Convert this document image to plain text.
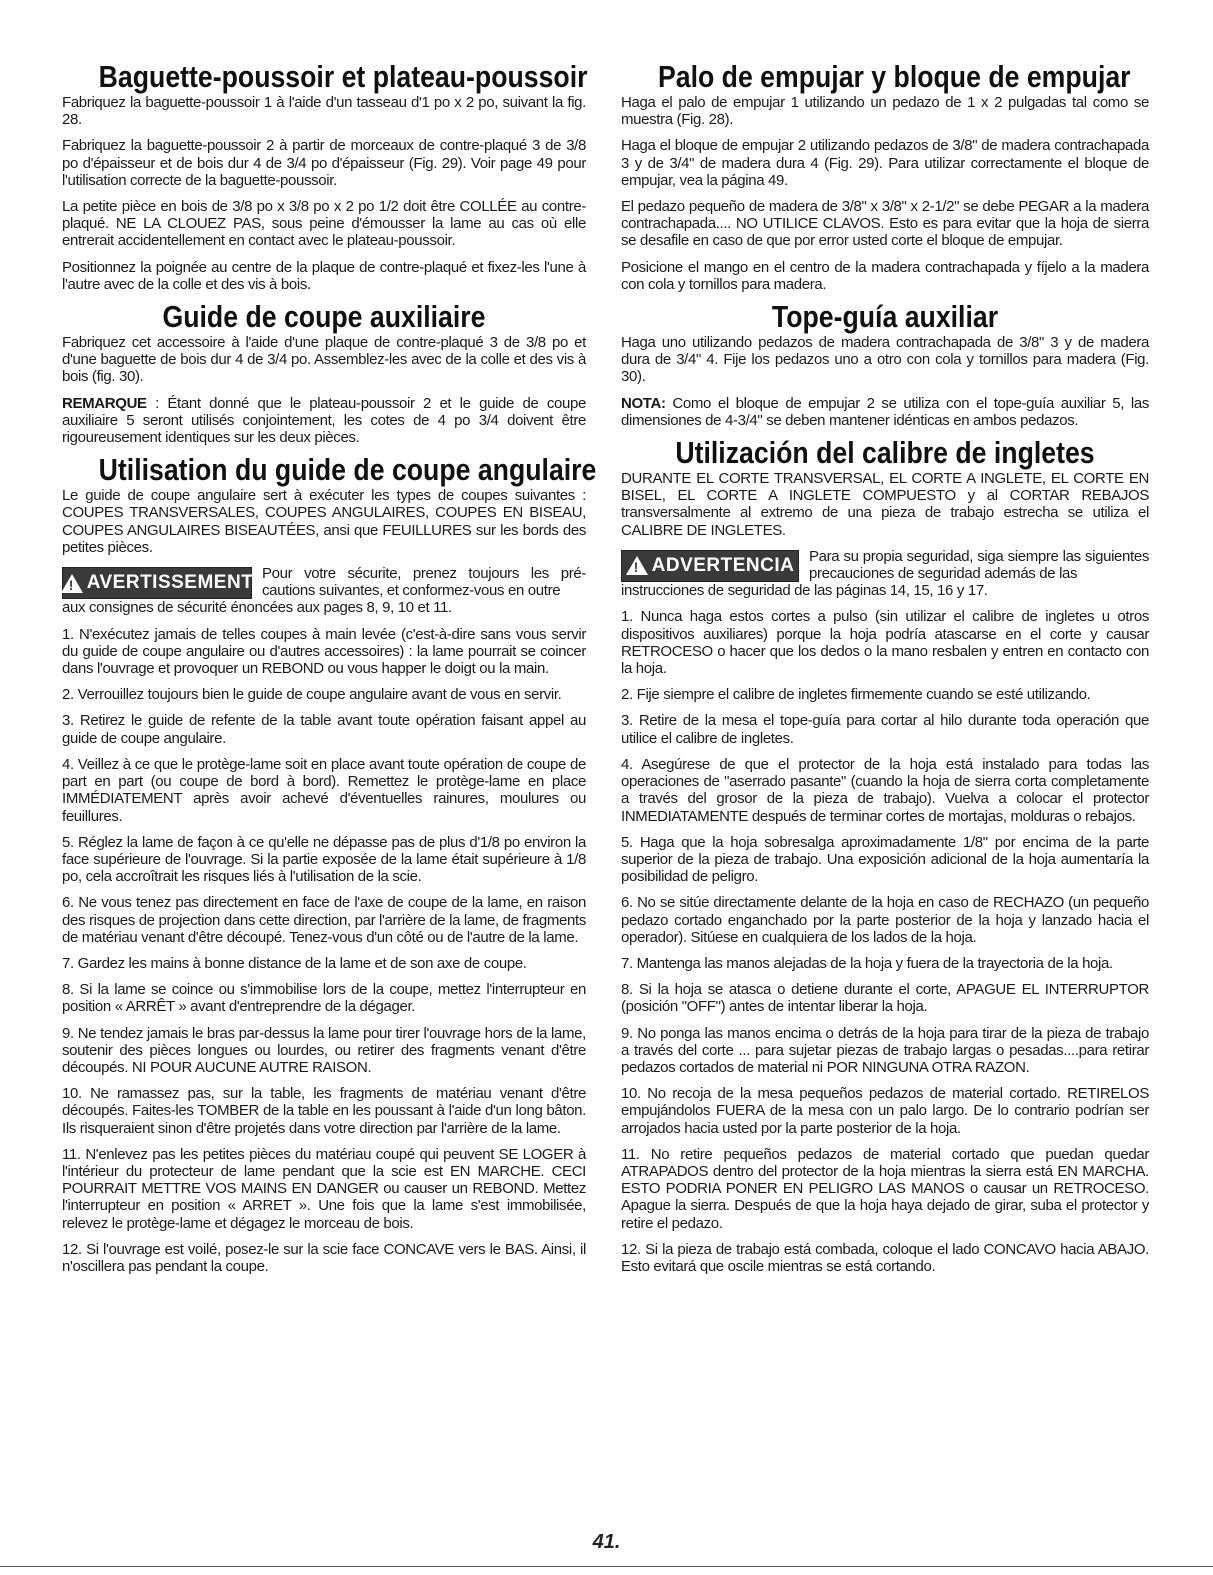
Baguette-poussoir et plateau-poussoir

Fabriquez la baguette-poussoir 1 à l'aide d'un tasseau d'1 po x 2 po, suivant la fig. 28.

Fabriquez la baguette-poussoir 2 à partir de morceaux de contre-plaqué 3 de 3/8 po d'épaisseur et de bois dur 4 de 3/4 po d'épaisseur (Fig. 29). Voir page 49 pour l'utilisation correcte de la baguette-poussoir.

La petite pièce en bois de 3/8 po x 3/8 po x 2 po 1/2 doit être COLLÉE au contre-plaqué. NE LA CLOUEZ PAS, sous peine d'émousser la lame au cas où elle entrerait accidentellement en contact avec le plateau-poussoir.

Positionnez la poignée au centre de la plaque de contre-plaqué et fixez-les l'une à l'autre avec de la colle et des vis à bois.

Guide de coupe auxiliaire

Fabriquez cet accessoire à l'aide d'une plaque de contre-plaqué 3 de 3/8 po et d'une baguette de bois dur 4 de 3/4 po. Assemblez-les avec de la colle et des vis à bois (fig. 30).

REMARQUE : Étant donné que le plateau-poussoir 2 et le guide de coupe auxiliaire 5 seront utilisés conjointement, les cotes de 4 po 3/4 doivent être rigoureusement identiques sur les deux pièces.

Utilisation du guide de coupe angulaire

Le guide de coupe angulaire sert à exécuter les types de coupes suivantes : COUPES TRANSVERSALES, COUPES ANGULAIRES, COUPES EN BISEAU, COUPES ANGULAIRES BISEAUTÉES, ansi que FEUILLURES sur les bords des petites pièces.

!
AVERTISSEMENT Pour votre sécurite, prenez toujours les pré-cautions suivantes, et conformez-vous en outre

aux consignes de sécurité énoncées aux pages 8, 9, 10 et 11.

1. N'exécutez jamais de telles coupes à main levée (c'est-à-dire sans vous servir du guide de coupe angulaire ou d'autres accessoires) : la lame pourrait se coincer dans l'ouvrage et provoquer un REBOND ou vous happer le doigt ou la main.

2. Verrouillez toujours bien le guide de coupe angulaire avant de vous en servir.

3. Retirez le guide de refente de la table avant toute opération faisant appel au guide de coupe angulaire.

4. Veillez à ce que le protège-lame soit en place avant toute opération de coupe de part en part (ou coupe de bord à bord). Remettez le protège-lame en place IMMÉDIATEMENT après avoir achevé d'éventuelles rainures, moulures ou feuillures.

5. Réglez la lame de façon à ce qu'elle ne dépasse pas de plus d'1/8 po environ la face supérieure de l'ouvrage. Si la partie exposée de la lame était supérieure à 1/8 po, cela accroîtrait les risques liés à l'utilisation de la scie.

6. Ne vous tenez pas directement en face de l'axe de coupe de la lame, en raison des risques de projection dans cette direction, par l'arrière de la lame, de fragments de matériau venant d'être découpé. Tenez-vous d'un côté ou de l'autre de la lame.

7. Gardez les mains à bonne distance de la lame et de son axe de coupe.

8. Si la lame se coince ou s'immobilise lors de la coupe, mettez l'interrupteur en position « ARRÊT » avant d'entreprendre de la dégager.

9. Ne tendez jamais le bras par-dessus la lame pour tirer l'ouvrage hors de la lame, soutenir des pièces longues ou lourdes, ou retirer des fragments venant d'être découpés. NI POUR AUCUNE AUTRE RAISON.

10. Ne ramassez pas, sur la table, les fragments de matériau venant d'être découpés. Faites-les TOMBER de la table en les poussant à l'aide d'un long bâton. Ils risqueraient sinon d'être projetés dans votre direction par l'arrière de la lame.

11. N'enlevez pas les petites pièces du matériau coupé qui peuvent SE LOGER à l'intérieur du protecteur de lame pendant que la scie est EN MARCHE. CECI POURRAIT METTRE VOS MAINS EN DANGER ou causer un REBOND. Mettez l'interrupteur en position « ARRET ». Une fois que la lame s'est immobilisée, relevez le protège-lame et dégagez le morceau de bois.

12. Si l'ouvrage est voilé, posez-le sur la scie face CONCAVE vers le BAS. Ainsi, il n'oscillera pas pendant la coupe.

Palo de empujar y bloque de empujar

Haga el palo de empujar 1 utilizando un pedazo de 1 x 2 pulgadas tal como se muestra (Fig. 28).

Haga el bloque de empujar 2 utilizando pedazos de 3/8" de madera contrachapada 3 y de 3/4" de madera dura 4 (Fig. 29). Para utilizar correctamente el bloque de empujar, vea la página 49.

El pedazo pequeño de madera de 3/8" x 3/8" x 2-1/2" se debe PEGAR a la madera contrachapada.... NO UTILICE CLAVOS. Esto es para evitar que la hoja de sierra se desafile en caso de que por error usted corte el bloque de empujar.

Posicione el mango en el centro de la madera contrachapada y fíjelo a la madera con cola y tornillos para madera.

Tope-guía auxiliar

Haga uno utilizando pedazos de madera contrachapada de 3/8" 3 y de madera dura de 3/4" 4. Fije los pedazos uno a otro con cola y tornillos para madera (Fig. 30).

NOTA: Como el bloque de empujar 2 se utiliza con el tope-guía auxiliar 5, las dimensiones de 4-3/4" se deben mantener idénticas en ambos pedazos.

Utilización del calibre de ingletes

DURANTE EL CORTE TRANSVERSAL, EL CORTE A INGLETE, EL CORTE EN BISEL, EL CORTE A INGLETE COMPUESTO y al CORTAR REBAJOS transversalmente al extremo de una pieza de trabajo estrecha se utiliza el CALIBRE DE INGLETES.

!
ADVERTENCIA Para su propia seguridad, siga siempre las siguientes precauciones de seguridad además de las

instrucciones de seguridad de las páginas 14, 15, 16 y 17.

1. Nunca haga estos cortes a pulso (sin utilizar el calibre de ingletes u otros dispositivos auxiliares) porque la hoja podría atascarse en el corte y causar RETROCESO o hacer que los dedos o la mano resbalen y entren en contacto con la hoja.

2. Fije siempre el calibre de ingletes firmemente cuando se esté utilizando.

3. Retire de la mesa el tope-guía para cortar al hilo durante toda operación que utilice el calibre de ingletes.

4. Asegúrese de que el protector de la hoja está instalado para todas las operaciones de "aserrado pasante" (cuando la hoja de sierra corta completamente a través del grosor de la pieza de trabajo). Vuelva a colocar el protector INMEDIATAMENTE después de terminar cortes de mortajas, molduras o rebajos.

5. Haga que la hoja sobresalga aproximadamente 1/8" por encima de la parte superior de la pieza de trabajo. Una exposición adicional de la hoja aumentaría la posibilidad de peligro.

6. No se sitúe directamente delante de la hoja en caso de RECHAZO (un pequeño pedazo cortado enganchado por la parte posterior de la hoja y lanzado hacia el operador). Sitúese en cualquiera de los lados de la hoja.

7. Mantenga las manos alejadas de la hoja y fuera de la trayectoria de la hoja.

8. Si la hoja se atasca o detiene durante el corte, APAGUE EL INTERRUPTOR (posición "OFF") antes de intentar liberar la hoja.

9. No ponga las manos encima o detrás de la hoja para tirar de la pieza de trabajo a través del corte ... para sujetar piezas de trabajo largas o pesadas....para retirar pedazos cortados de material ni POR NINGUNA OTRA RAZON.

10. No recoja de la mesa pequeños pedazos de material cortado. RETIRELOS empujándolos FUERA de la mesa con un palo largo. De lo contrario podrían ser arrojados hacia usted por la parte posterior de la hoja.

11. No retire pequeños pedazos de material cortado que puedan quedar ATRAPADOS dentro del protector de la hoja mientras la sierra está EN MARCHA. ESTO PODRIA PONER EN PELIGRO LAS MANOS o causar un RETROCESO. Apague la sierra. Después de que la hoja haya dejado de girar, suba el protector y retire el pedazo.

12. Si la pieza de trabajo está combada, coloque el lado CONCAVO hacia ABAJO. Esto evitará que oscile mientras se está cortando.

41.
